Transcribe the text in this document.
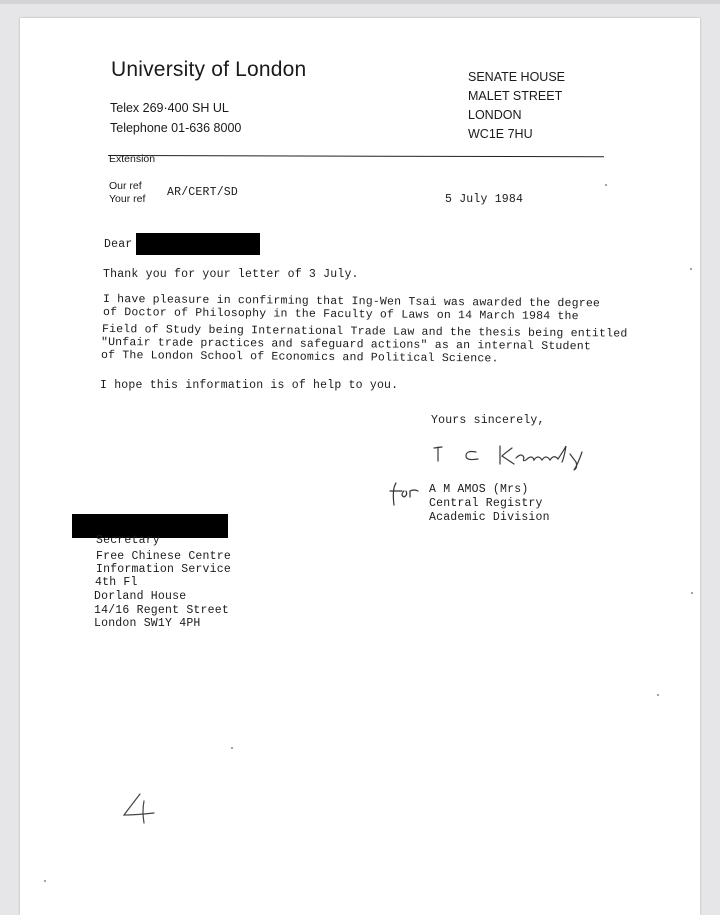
University of London
Telex 269·400 SH UL
Telephone 01-636 8000
SENATE HOUSE
MALET STREET
LONDON
WC1E 7HU
Extension
Our ref
Your ref AR/CERT/SD
5 July 1984
Dear
Thank you for your letter of 3 July.
I have pleasure in confirming that Ing-Wen Tsai was awarded the degree
of Doctor of Philosophy in the Faculty of Laws on 14 March 1984 the
Field of Study being International Trade Law and the thesis being entitled
"Unfair trade practices and safeguard actions" as an internal Student
of The London School of Economics and Political Science.
I hope this information is of help to you.
Yours sincerely,
A M AMOS (Mrs)
Central Registry
Academic Division
Secretary
Free Chinese Centre
Information Service
4th Fl
Dorland House
14/16 Regent Street
London SW1Y 4PH
